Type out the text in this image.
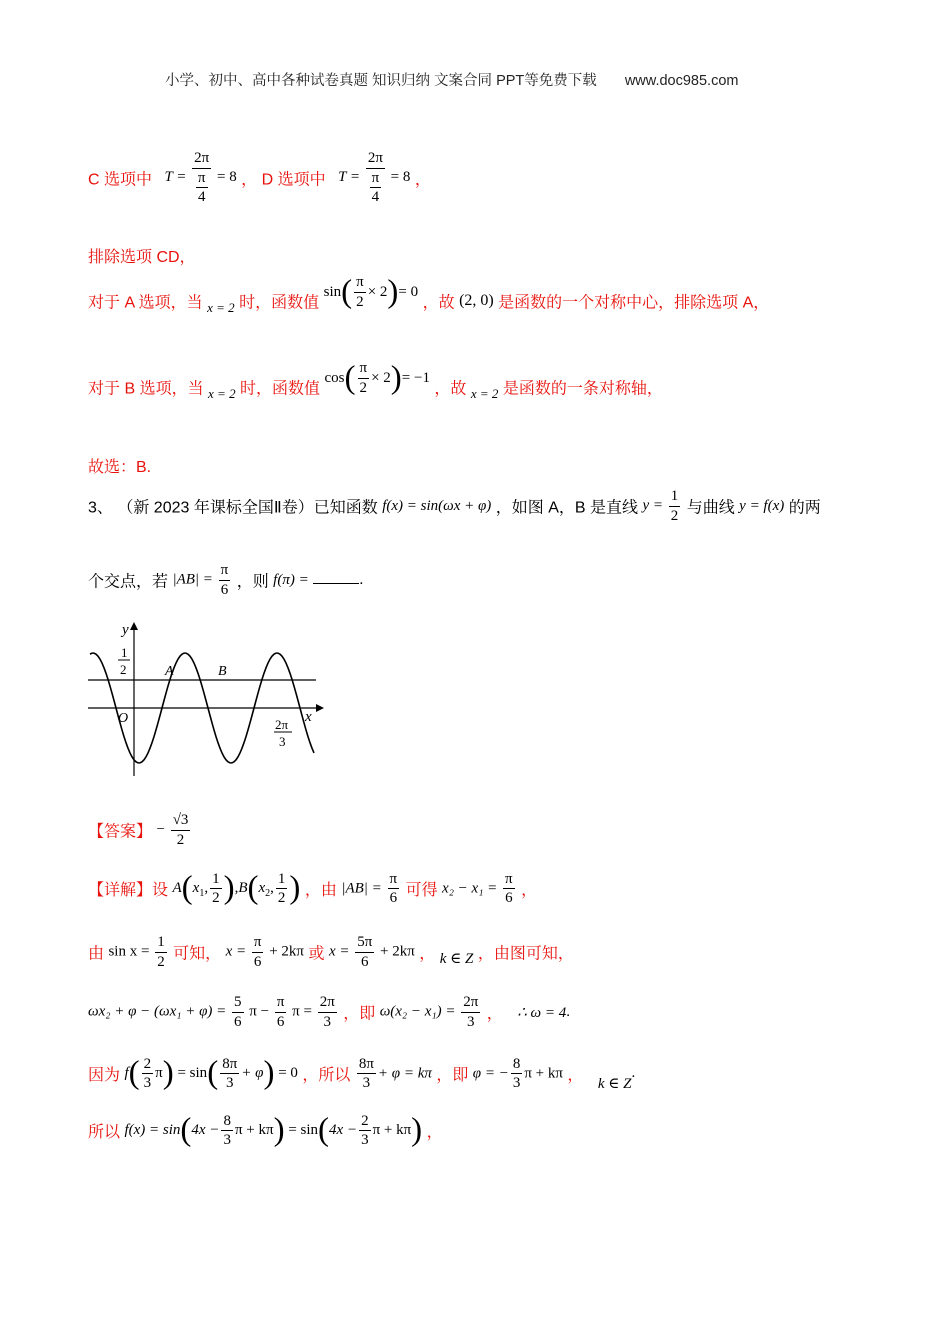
小学、初中、高中各种试卷真题 知识归纳 文案合同 PPT等免费下载 www.doc985.com
C 选项中 $T = \frac{2\pi}{\frac{\pi}{4}} = 8$ ， D 选项中 $T = \frac{2\pi}{\frac{\pi}{4}} = 8$ ，
排除选项 CD，
对于 A 选项，当 x = 2 时，函数值 $\sin( \frac{\pi}{2} \times 2)= 0$ ，故 (2, 0) 是函数的一个对称中心，排除选项 A，
对于 B 选项，当 x = 2 时，函数值 $\cos( \frac{\pi}{2} \times 2)= -1$ ，故 x = 2 是函数的一条对称轴，
故选：B.
3、 （新 2023 年课标全国Ⅱ卷）已知函数 f(x) = sin(ωx + φ) ，如图 A，B 是直线 $y = \frac{1}{2}$ 与曲线 y = f(x) 的两
个交点，若 $|AB| = \frac{\pi}{6}$ ，则 f(π) =	.
y
x
1
2	A	B
O	2π
3
【答案】 − $\frac{√3}{2}$
【详解】设 $A(x_1$, $\frac{1}{2} ),B(x_2$, $\frac{1}{2}$ ) ，由 $|AB| = \frac{\pi}{6}$ 可得 $x_2 - x_1 = \frac{\pi}{6}$ ，
由 $\sin x = \frac{1}{2}$ 可知， $x = \frac{\pi}{6} + 2k\pi$ 或 $x = \frac{5\pi}{6} + 2k\pi$ ， k ∈ Z ，由图可知，
$\omega x_2 + \varphi - (\omega x_1 + \varphi) = \frac{5}{6}$ $\pi - \frac{\pi}{6}$ $\pi = \frac{2\pi}{3}$ ，即 $\omega(x_2 - x_1) = \frac{2\pi}{3}$ ， ∴ ω = 4.
因为 $f( \frac{2}{3} \pi) = \sin( \frac{8\pi}{3} + \varphi) = 0$ ，所以 $\frac{8\pi}{3} + \varphi = k\pi$ ，即 φ = − $\frac{8}{3}$ π + kπ ， k ∈ Z.
所以 $f(x) = \sin(4x - \frac{8}{3}$ $\pi + k\pi) = \sin(4x - \frac{2}{3}$ π + kπ) ，
